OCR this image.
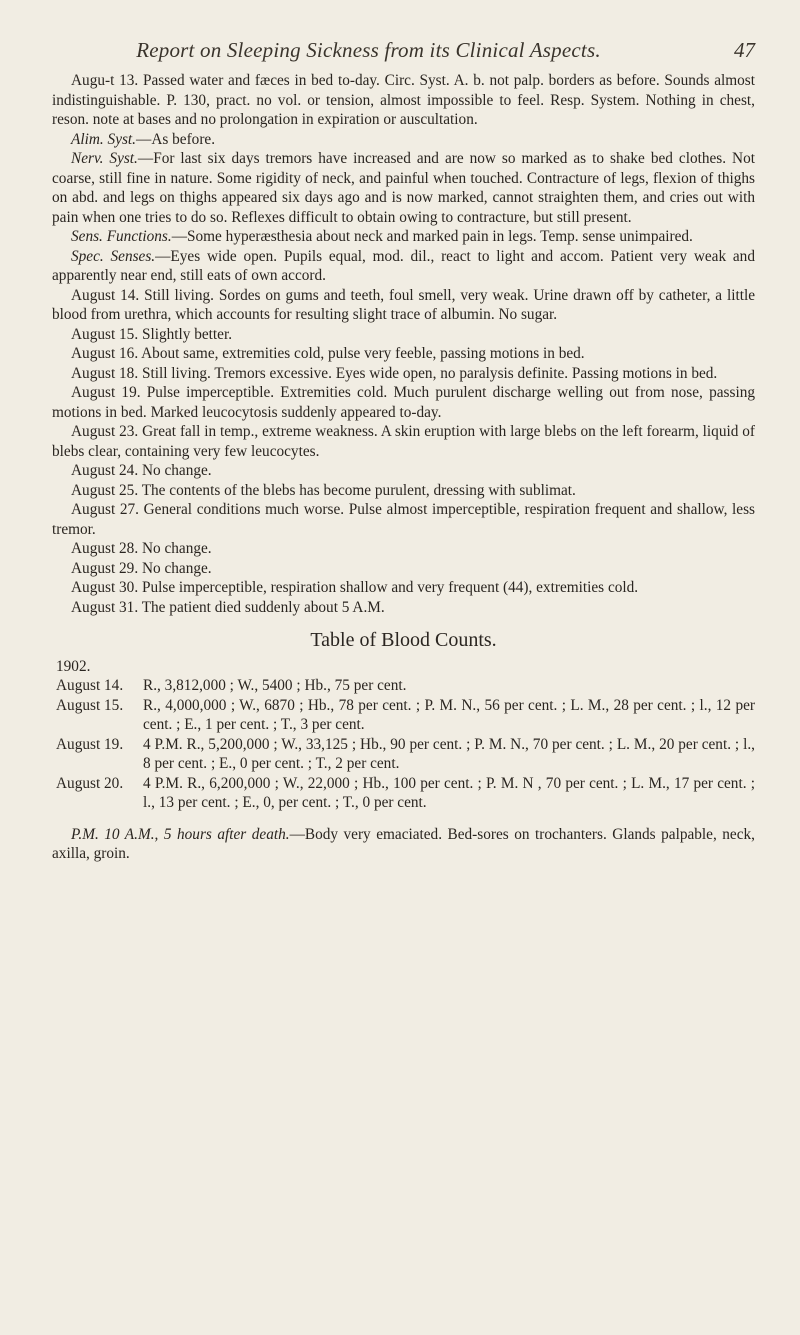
Report on Sleeping Sickness from its Clinical Aspects.	47

Augu-t 13. Passed water and fæces in bed to-day. Circ. Syst. A. b. not palp. borders as before. Sounds almost indistinguishable. P. 130, pract. no vol. or tension, almost impossible to feel. Resp. System. Nothing in chest, reson. note at bases and no prolongation in expiration or auscultation.

Alim. Syst.—As before.

Nerv. Syst.—For last six days tremors have increased and are now so marked as to shake bed clothes. Not coarse, still fine in nature. Some rigidity of neck, and painful when touched. Contracture of legs, flexion of thighs on abd. and legs on thighs appeared six days ago and is now marked, cannot straighten them, and cries out with pain when one tries to do so. Reflexes difficult to obtain owing to contracture, but still present.

Sens. Functions.—Some hyperæsthesia about neck and marked pain in legs. Temp. sense unimpaired.

Spec. Senses.—Eyes wide open. Pupils equal, mod. dil., react to light and accom. Patient very weak and apparently near end, still eats of own accord.

August 14. Still living. Sordes on gums and teeth, foul smell, very weak. Urine drawn off by catheter, a little blood from urethra, which accounts for resulting slight trace of albumin. No sugar.

August 15. Slightly better.

August 16. About same, extremities cold, pulse very feeble, passing motions in bed.

August 18. Still living. Tremors excessive. Eyes wide open, no paralysis definite. Passing motions in bed.

August 19. Pulse imperceptible. Extremities cold. Much purulent discharge welling out from nose, passing motions in bed. Marked leucocytosis suddenly appeared to-day.

August 23. Great fall in temp., extreme weakness. A skin eruption with large blebs on the left forearm, liquid of blebs clear, containing very few leucocytes.

August 24. No change.

August 25. The contents of the blebs has become purulent, dressing with sublimat.

August 27. General conditions much worse. Pulse almost imperceptible, respiration frequent and shallow, less tremor.

August 28. No change.

August 29. No change.

August 30. Pulse imperceptible, respiration shallow and very frequent (44), extremities cold.

August 31. The patient died suddenly about 5 A.M.

Table of Blood Counts.
1902.
August 14.	R., 3,812,000 ; W., 5400 ; Hb., 75 per cent.
August 15.	R., 4,000,000 ; W., 6870 ; Hb., 78 per cent. ; P. M. N., 56 per cent. ; L. M., 28 per cent. ; l., 12 per cent. ; E., 1 per cent. ; T., 3 per cent.
August 19.	4 P.M. R., 5,200,000 ; W., 33,125 ; Hb., 90 per cent. ; P. M. N., 70 per cent. ; L. M., 20 per cent. ; l., 8 per cent. ; E., 0 per cent. ; T., 2 per cent.
August 20.	4 P.M. R., 6,200,000 ; W., 22,000 ; Hb., 100 per cent. ; P. M. N , 70 per cent. ; L. M., 17 per cent. ; l., 13 per cent. ; E., 0, per cent. ; T., 0 per cent.

P.M. 10 A.M., 5 hours after death.—Body very emaciated. Bed-sores on trochanters. Glands palpable, neck, axilla, groin.
